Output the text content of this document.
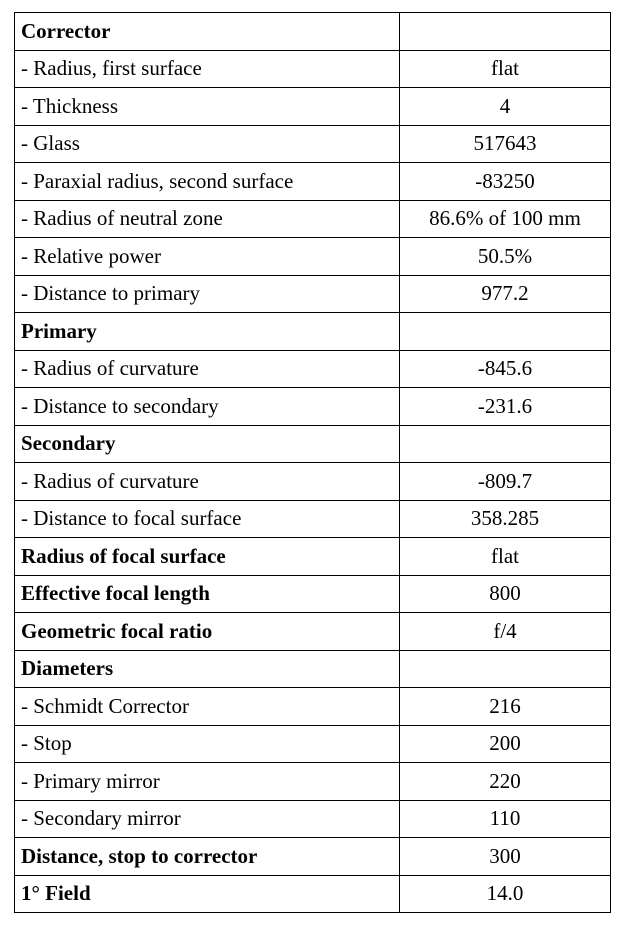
Corrector	
- Radius, first surface	flat
- Thickness	4
- Glass	517643
- Paraxial radius, second surface	-83250
- Radius of neutral zone	86.6% of 100 mm
- Relative power	50.5%
- Distance to primary	977.2
Primary	
- Radius of curvature	-845.6
- Distance to secondary	-231.6
Secondary	
- Radius of curvature	-809.7
- Distance to focal surface	358.285
Radius of focal surface	flat
Effective focal length	800
Geometric focal ratio	f/4
Diameters	
- Schmidt Corrector	216
- Stop	200
- Primary mirror	220
- Secondary mirror	110
Distance, stop to corrector	300
1° Field	14.0
